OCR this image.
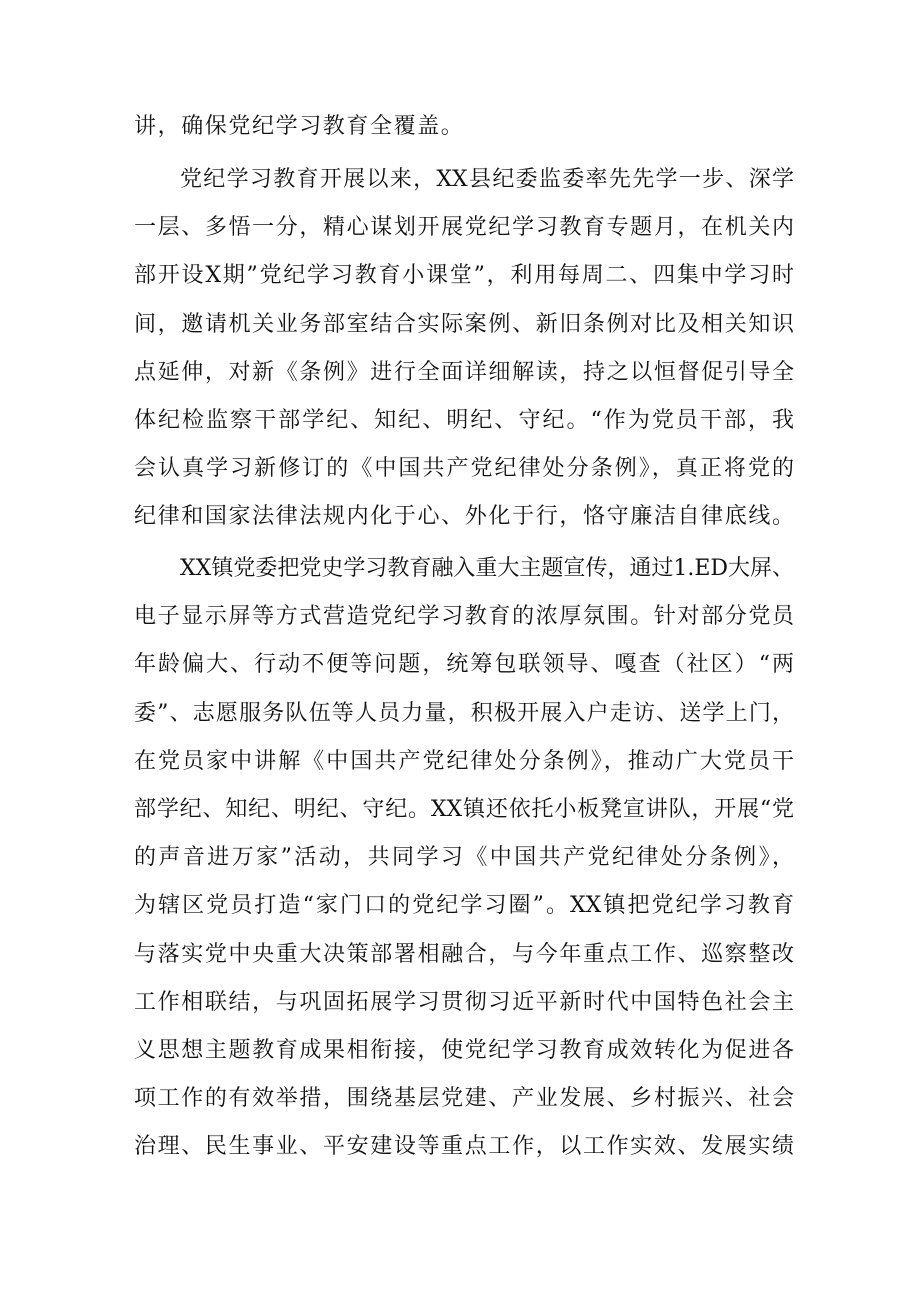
讲，确保党纪学习教育全覆盖。
党纪学习教育开展以来，XX县纪委监委率先先学一步、深学
一层、多悟一分，精心谋划开展党纪学习教育专题月，在机关内
部开设X期”党纪学习教育小课堂”，利用每周二、四集中学习时
间，邀请机关业务部室结合实际案例、新旧条例对比及相关知识
点延伸，对新《条例》进行全面详细解读，持之以恒督促引导全
体纪检监察干部学纪、知纪、明纪、守纪。“作为党员干部，我
会认真学习新修订的《中国共产党纪律处分条例》，真正将党的
纪律和国家法律法规内化于心、外化于行，恪守廉洁自律底线。
XX镇党委把党史学习教育融入重大主题宣传，通过1.ED大屏、
电子显示屏等方式营造党纪学习教育的浓厚氛围。针对部分党员
年龄偏大、行动不便等问题，统筹包联领导、嘎查（社区）“两
委”、志愿服务队伍等人员力量，积极开展入户走访、送学上门，
在党员家中讲解《中国共产党纪律处分条例》，推动广大党员干
部学纪、知纪、明纪、守纪。XX镇还依托小板凳宣讲队，开展“党
的声音进万家”活动，共同学习《中国共产党纪律处分条例》，
为辖区党员打造“家门口的党纪学习圈”。XX镇把党纪学习教育
与落实党中央重大决策部署相融合，与今年重点工作、巡察整改
工作相联结，与巩固拓展学习贯彻习近平新时代中国特色社会主
义思想主题教育成果相衔接，使党纪学习教育成效转化为促进各
项工作的有效举措，围绕基层党建、产业发展、乡村振兴、社会
治理、民生事业、平安建设等重点工作，以工作实效、发展实绩
